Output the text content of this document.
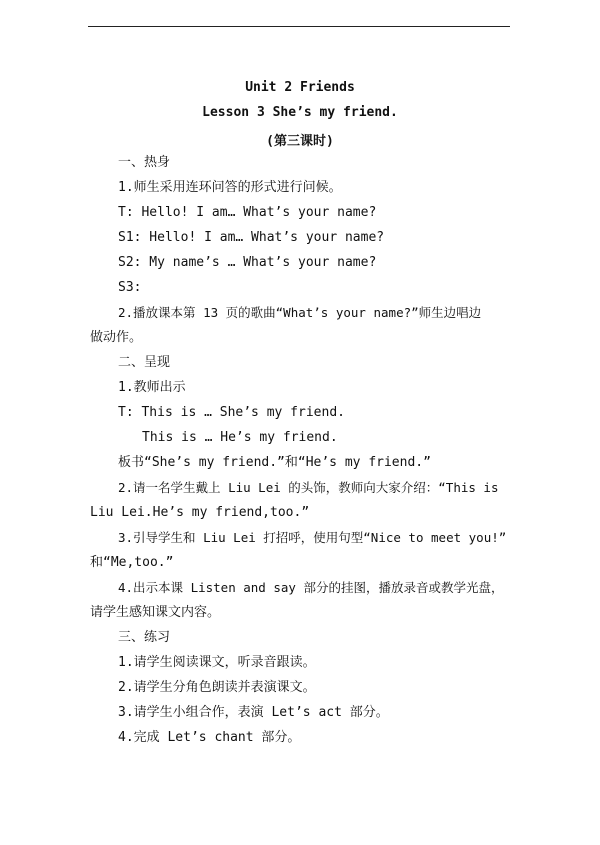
Unit 2 Friends
Lesson 3 She’s my friend.
(第三课时)
一、热身
1.师生采用连环问答的形式进行问候。
T: Hello! I am… What’s your name?
S1: Hello! I am… What’s your name?
S2: My name’s … What’s your name?
S3:
2.播放课本第 13 页的歌曲“What’s your name?”师生边唱边
做动作。
二、呈现
1.教师出示
T: This is … She’s my friend.
This is … He’s my friend.
板书“She’s my friend.”和“He’s my friend.”
2.请一名学生戴上 Liu Lei 的头饰，教师向大家介绍：“This is
Liu Lei.He’s my friend,too.”
3.引导学生和 Liu Lei 打招呼，使用句型“Nice to meet you!”
和“Me,too.”
4.出示本课 Listen and say 部分的挂图，播放录音或教学光盘，
请学生感知课文内容。
三、练习
1.请学生阅读课文，听录音跟读。
2.请学生分角色朗读并表演课文。
3.请学生小组合作，表演 Let’s act 部分。
4.完成 Let’s chant 部分。
